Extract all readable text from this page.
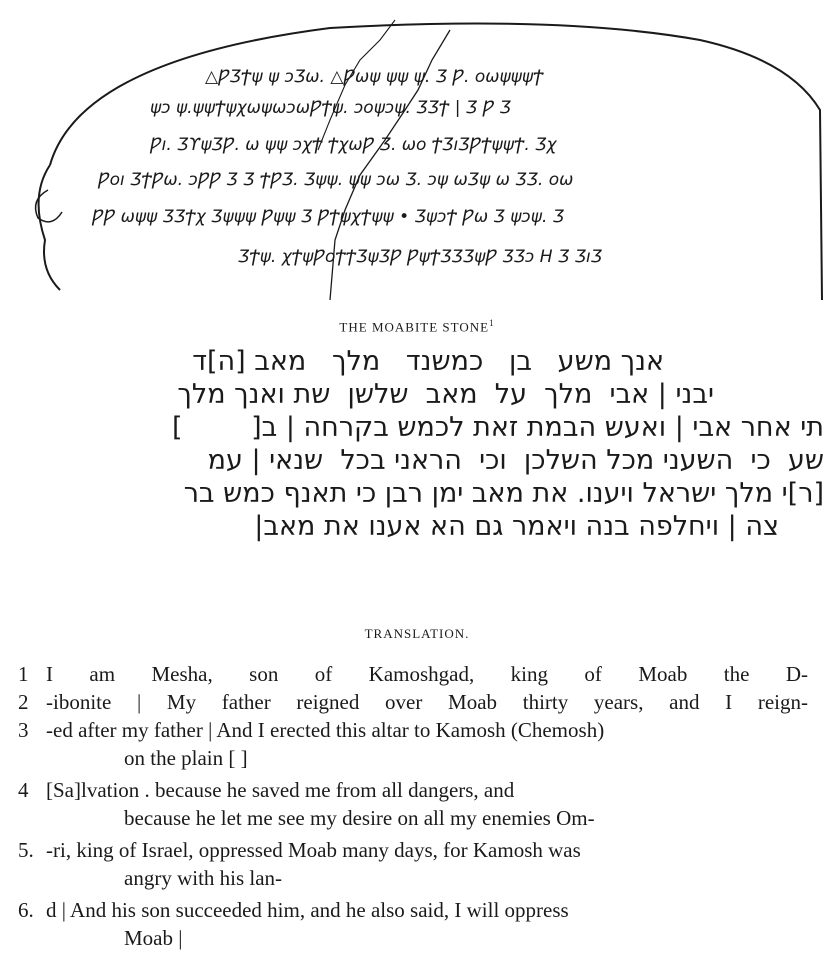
△ǷƷϮψ ψ ɔƷω. △Ƿωψ ψψ ψ. Ʒ Ƿ. οωψψψϮ
ψɔ ψ.ψψϮψχωψωɔωǷϮψ. ɔοψɔψ. ƷƷϮ | Ʒ Ƿ Ʒ
Ƿı. ƷϒψƷǷ. ω ψψ ɔχϮ ϮχωǷ Ʒ. ωο ϮƷıƷǷϮψψϮ. Ʒχ
Ƿοı ƷϮǷω. ɔǷǷ Ʒ Ʒ ϮǷƷ. Ʒψψ. ψψ ɔω Ʒ. ɔψ ωƷψ ω ƷƷ. οω
ǷǷ ωψψ ƷƷϮχ Ʒψψψ Ƿψψ Ʒ ǷϮψχϮψψ • ƷψɔϮ Ƿω Ʒ ψɔψ. Ʒ
ƷϮψ. χϮψǷοϮϮƷψƷǷ ǷψϮƷƷƷψǷ ƷƷɔ H Ʒ ƷıƷ
THE MOABITE STONE$^1$
אנך משע   בן   כמשנד   מלך   מאב [ה]ד
יבני | אבי  מלך  על  מאב  שלשן  שת ואנך מלך
תי אחר אבי | ואעש הבמת זאת לכמש בקרחה | ב[        ]
שע  כי  השעני מכל השלכן  וכי  הראני בכל  שנאי | עמ
[ר]י מלך ישראל ויענו. את מאב ימן רבן כי תאנף כמש בר
צה | ויחלפה בנה ויאמר גם הא אענו את מאב|
TRANSLATION.
1 I am Mesha, son of Kamoshgad, king of Moab the D-
2 -ibonite | My father reigned over Moab thirty years, and I reign-
3 -ed after my father | And I erected this altar to Kamosh (Chemosh)
on the plain [ ]
4 [Sa]lvation . because he saved me from all dangers, and
because he let me see my desire on all my enemies Om-
5. -ri, king of Israel, oppressed Moab many days, for Kamosh was
angry with his lan-
6. d | And his son succeeded him, and he also said, I will oppress
Moab |
